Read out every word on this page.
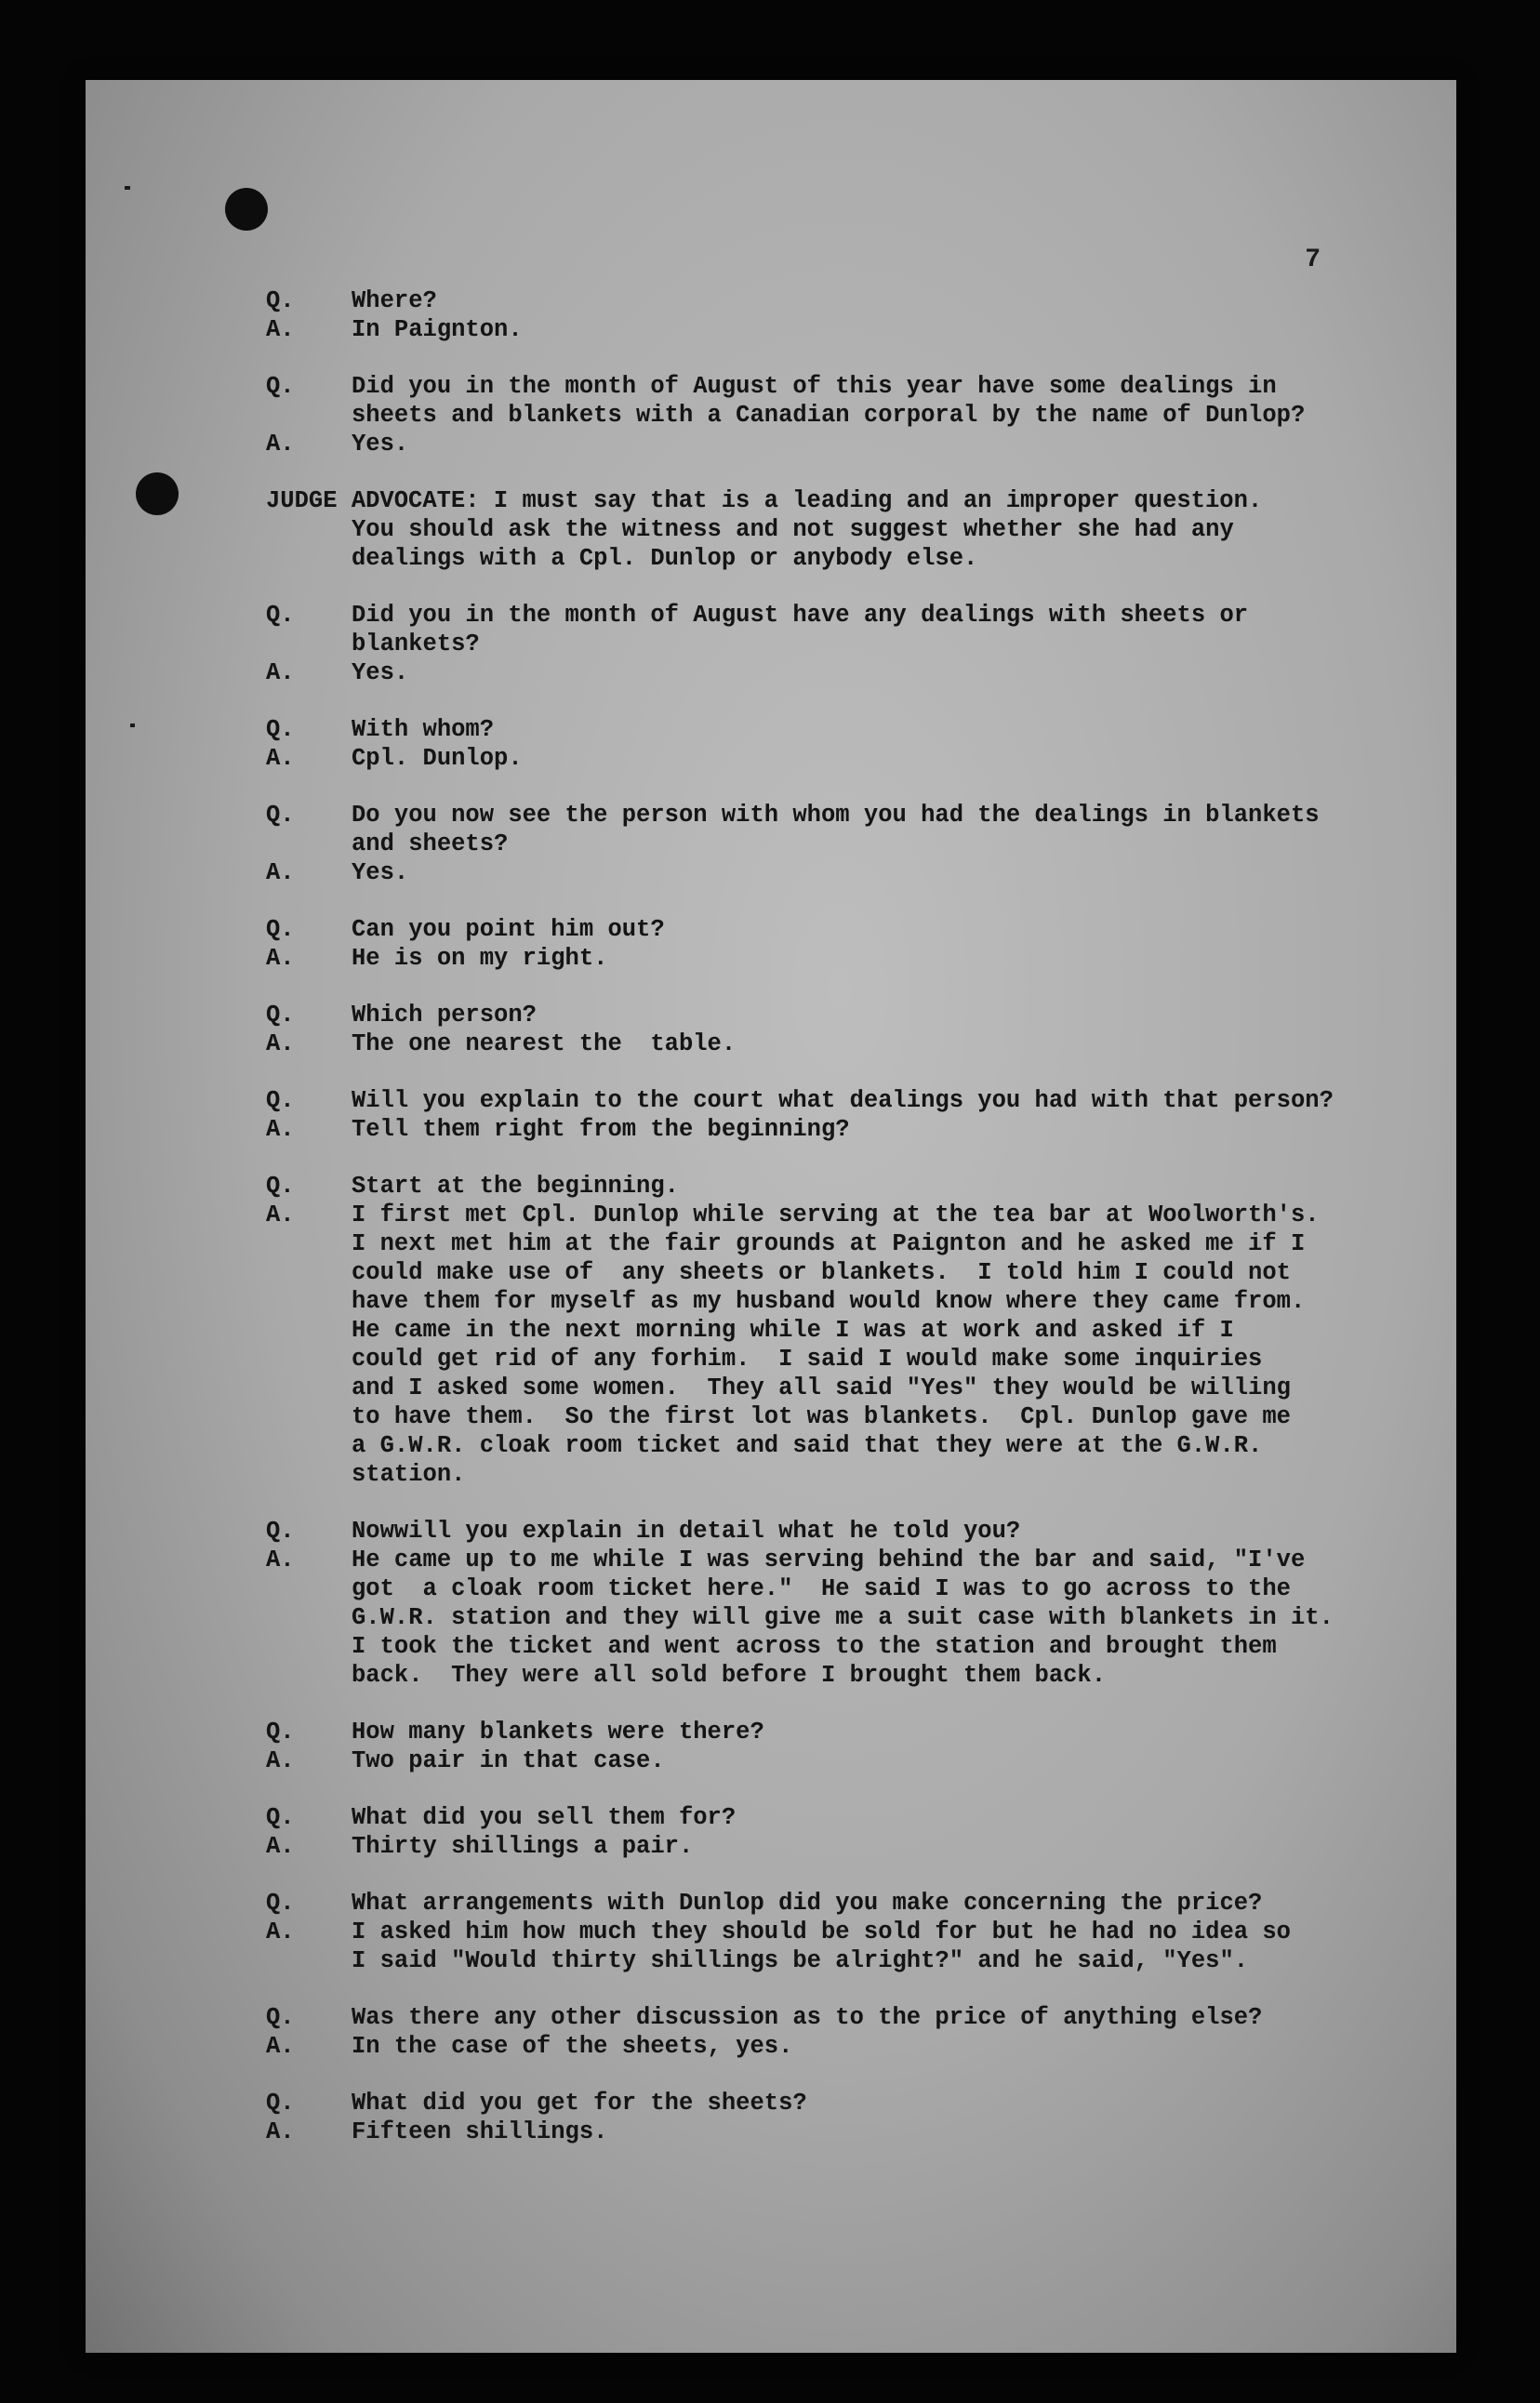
7
Q.	Where?
A.	In Paignton.
Q.	Did you in the month of August of this year have some dealings in
sheets and blankets with a Canadian corporal by the name of Dunlop?
A.	Yes.
JUDGE ADVOCATE: I must say that is a leading and an improper question.
You should ask the witness and not suggest whether she had any
dealings with a Cpl. Dunlop or anybody else.
Q.	Did you in the month of August have any dealings with sheets or
blankets?
A.	Yes.
Q.	With whom?
A.	Cpl. Dunlop.
Q.	Do you now see the person with whom you had the dealings in blankets
and sheets?
A.	Yes.
Q.	Can you point him out?
A.	He is on my right.
Q.	Which person?
A.	The one nearest the  table.
Q.	Will you explain to the court what dealings you had with that person?
A.	Tell them right from the beginning?
Q.	Start at the beginning.
A.	I first met Cpl. Dunlop while serving at the tea bar at Woolworth's.
I next met him at the fair grounds at Paignton and he asked me if I
could make use of  any sheets or blankets.  I told him I could not
have them for myself as my husband would know where they came from.
He came in the next morning while I was at work and asked if I
could get rid of any forhim.  I said I would make some inquiries
and I asked some women.  They all said "Yes" they would be willing
to have them.  So the first lot was blankets.  Cpl. Dunlop gave me
a G.W.R. cloak room ticket and said that they were at the G.W.R.
station.
Q.	Nowwill you explain in detail what he told you?
A.	He came up to me while I was serving behind the bar and said, "I've
got  a cloak room ticket here."  He said I was to go across to the
G.W.R. station and they will give me a suit case with blankets in it.
I took the ticket and went across to the station and brought them
back.  They were all sold before I brought them back.
Q.	How many blankets were there?
A.	Two pair in that case.
Q.	What did you sell them for?
A.	Thirty shillings a pair.
Q.	What arrangements with Dunlop did you make concerning the price?
A.	I asked him how much they should be sold for but he had no idea so
I said "Would thirty shillings be alright?" and he said, "Yes".
Q.	Was there any other discussion as to the price of anything else?
A.	In the case of the sheets, yes.
Q.	What did you get for the sheets?
A.	Fifteen shillings.
